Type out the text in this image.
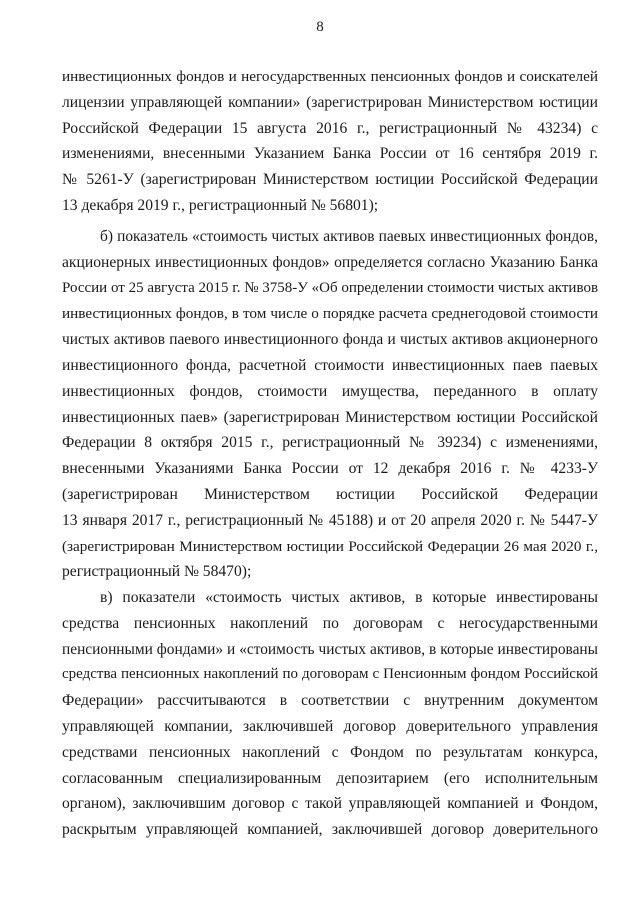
8
инвестиционных фондов и негосударственных пенсионных фондов и соискателей
лицензии управляющей компании» (зарегистрирован Министерством юстиции
Российской Федерации 15 августа 2016 г., регистрационный № 43234) с
изменениями, внесенными Указанием Банка России от 16 сентября 2019 г.
№ 5261-У (зарегистрирован Министерством юстиции Российской Федерации
13 декабря 2019 г., регистрационный № 56801);
б) показатель «стоимость чистых активов паевых инвестиционных фондов,
акционерных инвестиционных фондов» определяется согласно Указанию Банка
России от 25 августа 2015 г. № 3758-У «Об определении стоимости чистых активов
инвестиционных фондов, в том числе о порядке расчета среднегодовой стоимости
чистых активов паевого инвестиционного фонда и чистых активов акционерного
инвестиционного фонда, расчетной стоимости инвестиционных паев паевых
инвестиционных фондов, стоимости имущества, переданного в оплату
инвестиционных паев» (зарегистрирован Министерством юстиции Российской
Федерации 8 октября 2015 г., регистрационный № 39234) с изменениями,
внесенными Указаниями Банка России от 12 декабря 2016 г. № 4233-У
(зарегистрирован Министерством юстиции Российской Федерации
13 января 2017 г., регистрационный № 45188) и от 20 апреля 2020 г. № 5447-У
(зарегистрирован Министерством юстиции Российской Федерации 26 мая 2020 г.,
регистрационный № 58470);
в) показатели «стоимость чистых активов, в которые инвестированы
средства пенсионных накоплений по договорам с негосударственными
пенсионными фондами» и «стоимость чистых активов, в которые инвестированы
средства пенсионных накоплений по договорам с Пенсионным фондом Российской
Федерации» рассчитываются в соответствии с внутренним документом
управляющей компании, заключившей договор доверительного управления
средствами пенсионных накоплений с Фондом по результатам конкурса,
согласованным специализированным депозитарием (его исполнительным
органом), заключившим договор с такой управляющей компанией и Фондом,
раскрытым управляющей компанией, заключившей договор доверительного
